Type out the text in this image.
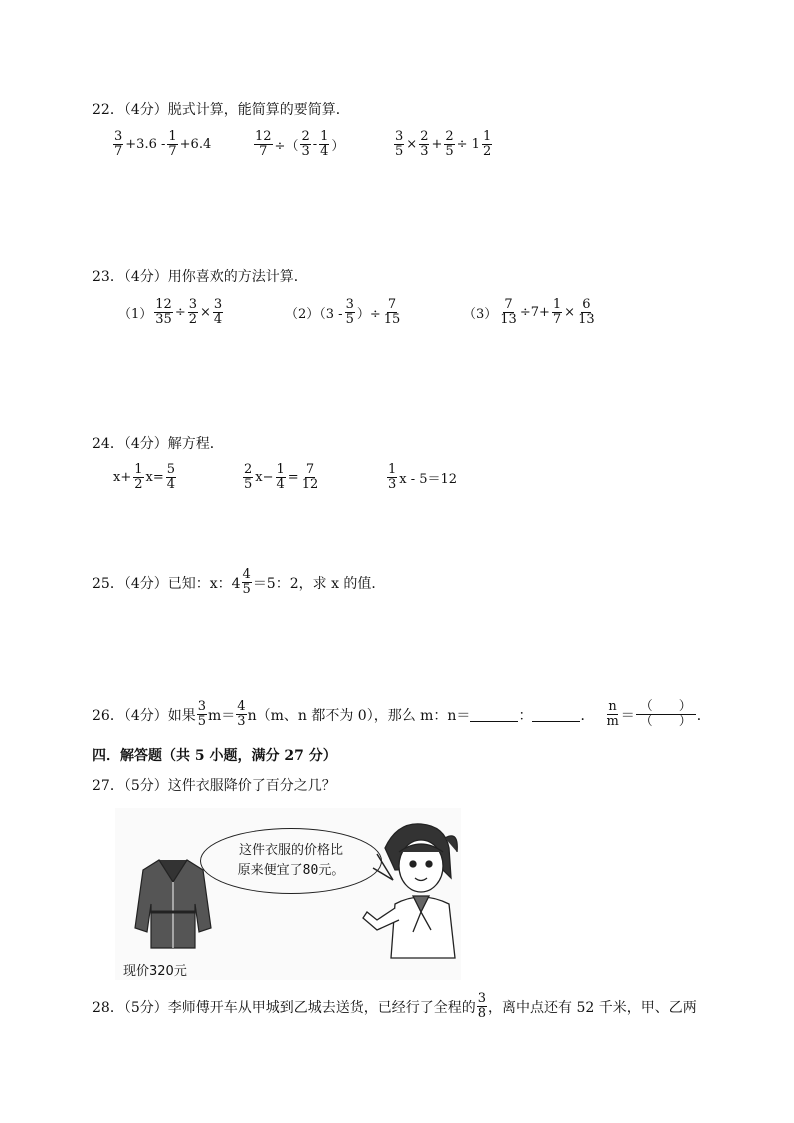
22．（4分）脱式计算，能简算的要简算．
$\frac{3}{7} +3.6 - \frac{1}{7} +6.4$	$\frac{12}{7}$ ÷（ $\frac{2}{3} - \frac{1}{4}$ ）	$\frac{3}{5} \times \frac{2}{3} + \frac{2}{5} \div 1 \frac{1}{2}$
23．（4分）用你喜欢的方法计算．
$(1) \frac{12}{35} \div \frac{3}{2} \times \frac{3}{4}$	$(2)(3 - \frac{3}{5}$ ）÷ $\frac{7}{15}$	$(3) \frac{7}{13} \div 7+ \frac{1}{7} \times \frac{6}{13}$
24．（4分）解方程．
$x+ \frac{1}{2} x= \frac{5}{4}$	$\frac{2}{5} x- \frac{1}{4} = \frac{7}{12}$	$\frac{1}{3}$ x - 5＝12
25．（4分）已知：x：$4 \frac{4}{5} =5$：2，求 x 的值．
26．（4分）如果 $\frac{3}{5} m= \frac{4}{3} n(m$、n 都不为 0），那么 m：n＝	：	． $\frac{n}{m} = \frac{( )}{( )}$ ．
四．解答题（共 5 小题，满分 27 分）
27．（5分）这件衣服降价了百分之几？
现价320元
这件衣服的价格比
原来便宜了80元。
28．（5分）李师傅开车从甲城到乙城去送货，已经行了全程的 $\frac{3}{8}$ ，离中点还有 52 千米，甲、乙两
